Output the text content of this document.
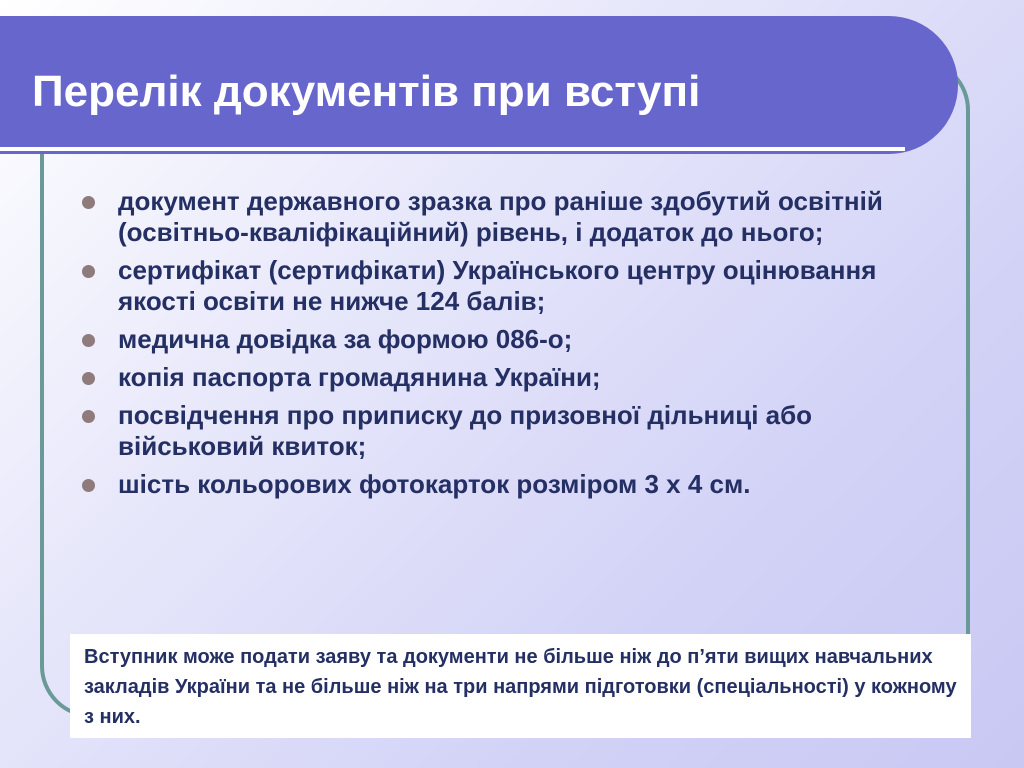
Перелік документів при вступі
документ державного зразка про раніше здобутий освітній (освітньо-кваліфікаційний) рівень, і додаток до нього;
сертифікат (сертифікати) Українського центру оцінювання якості освіти не нижче 124 балів;
медична довідка за формою 086-о;
копія паспорта громадянина України;
посвідчення про приписку до призовної дільниці або військовий квиток;
шість кольорових фотокарток розміром 3 х 4 см.

Вступник може подати заяву та документи не більше ніж до п’яти вищих навчальних закладів України та не більше ніж на три напрями підготовки (спеціальності) у кожному з них.
